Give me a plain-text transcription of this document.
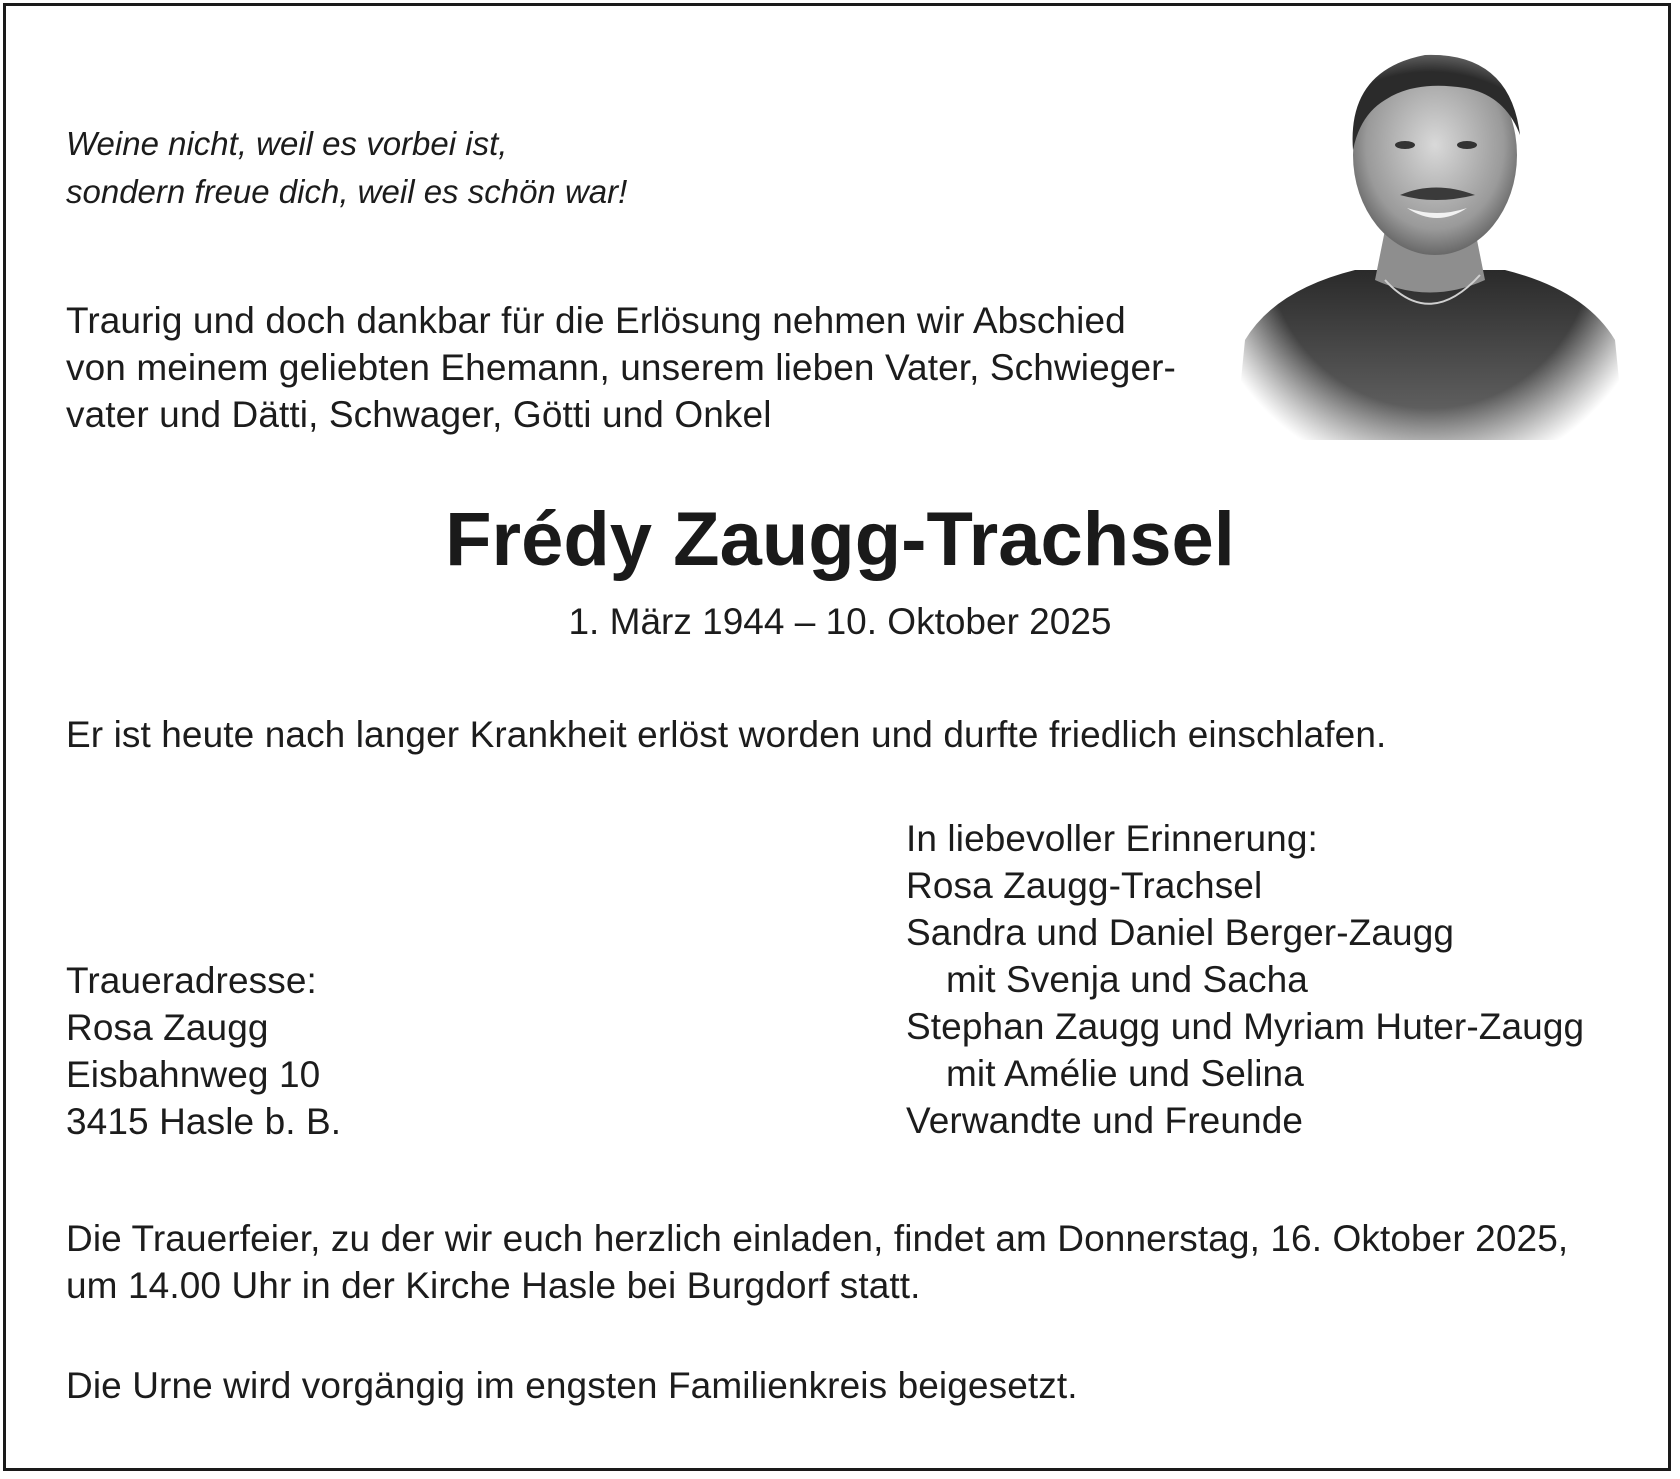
Weine nicht, weil es vorbei ist,
sondern freue dich, weil es schön war!

Traurig und doch dankbar für die Erlösung nehmen wir Abschied
von meinem geliebten Ehemann, unserem lieben Vater, Schwieger-
vater und Dätti, Schwager, Götti und Onkel

Frédy Zaugg-Trachsel

1. März 1944 – 10. Oktober 2025

Er ist heute nach langer Krankheit erlöst worden und durfte friedlich einschlafen.

In liebevoller Erinnerung:
Rosa Zaugg-Trachsel
Sandra und Daniel Berger-Zaugg
mit Svenja und Sacha
Stephan Zaugg und Myriam Huter-Zaugg
mit Amélie und Selina
Verwandte und Freunde
Traueradresse:
Rosa Zaugg
Eisbahnweg 10
3415 Hasle b. B.
Die Trauerfeier, zu der wir euch herzlich einladen, findet am Donnerstag, 16. Oktober 2025,
um 14.00 Uhr in der Kirche Hasle bei Burgdorf statt.

Die Urne wird vorgängig im engsten Familienkreis beigesetzt.
